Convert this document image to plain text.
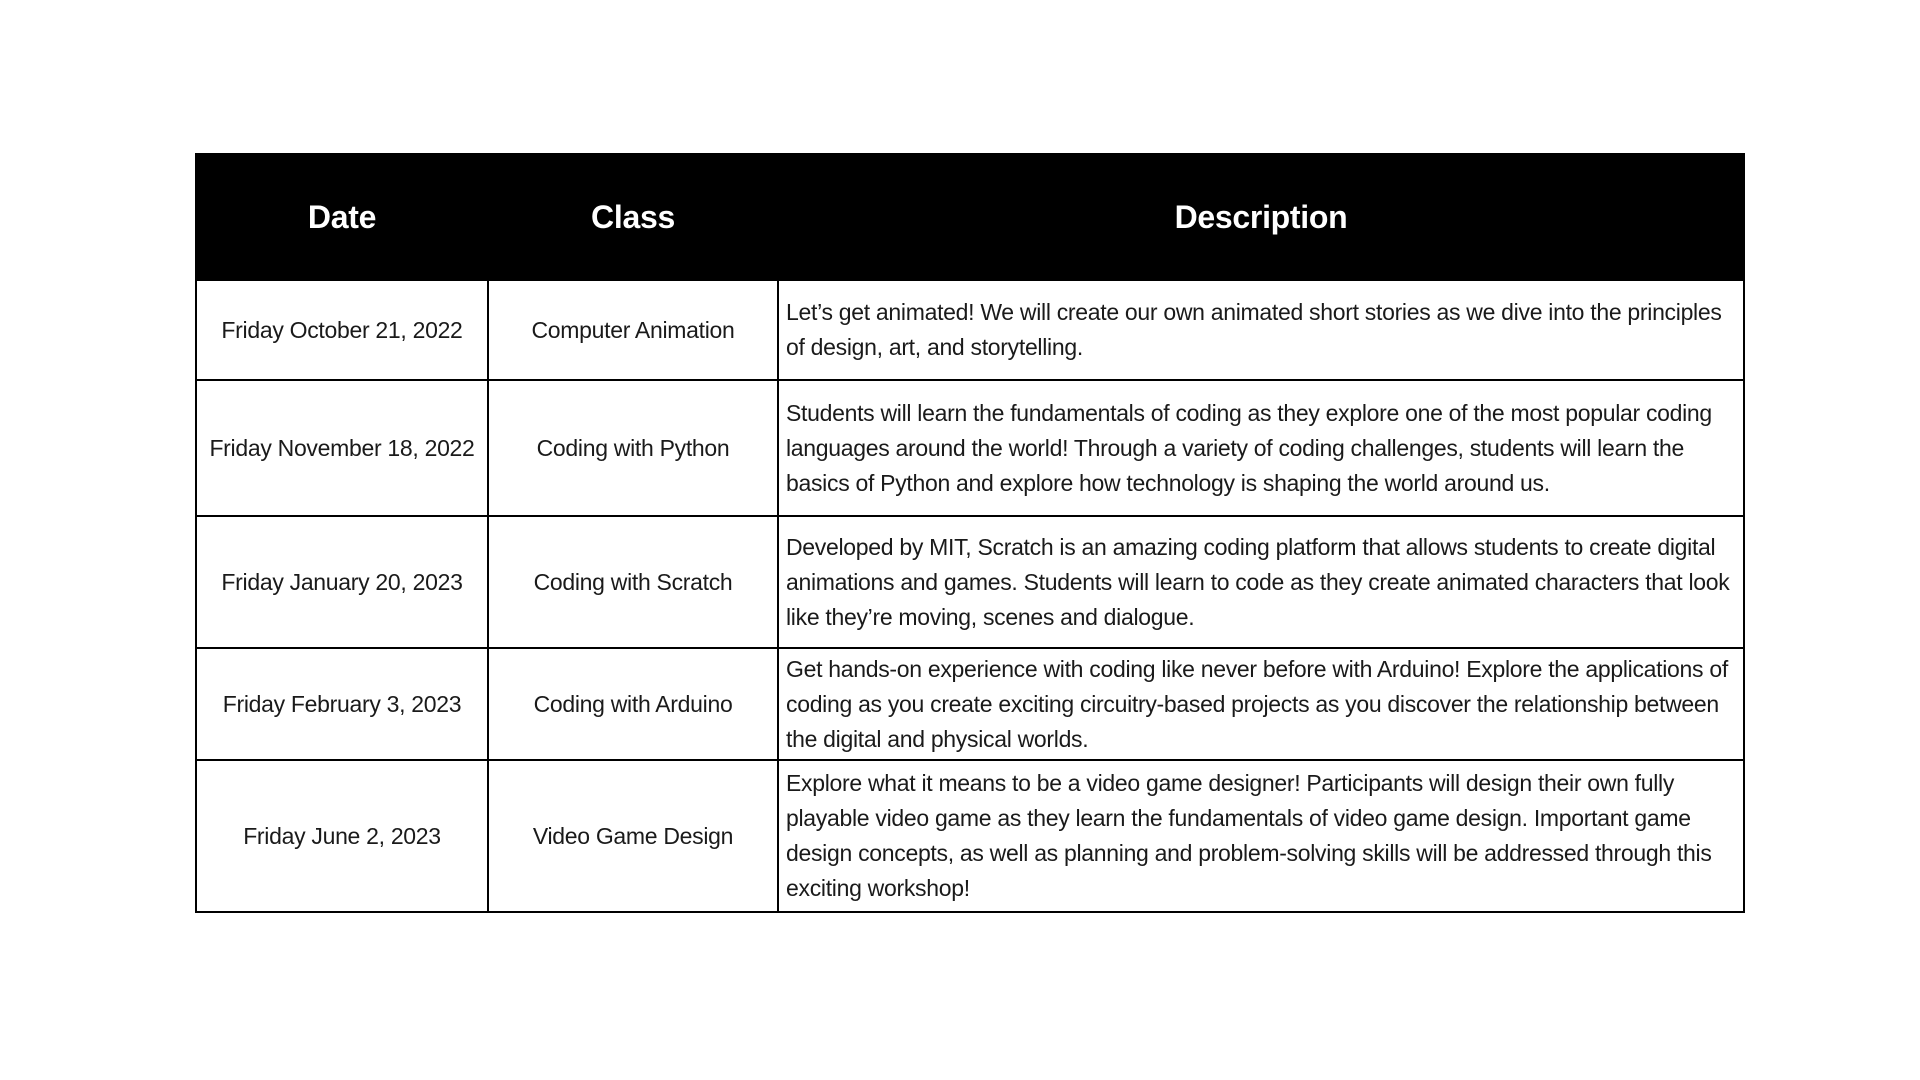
Date	Class	Description
Friday October 21, 2022	Computer Animation	Let’s get animated! We will create our own animated short stories as we dive into the principles of design, art, and storytelling.
Friday November 18, 2022	Coding with Python	Students will learn the fundamentals of coding as they explore one of the most popular coding languages around the world! Through a variety of coding challenges, students will learn the basics of Python and explore how technology is shaping the world around us.
Friday January 20, 2023	Coding with Scratch	Developed by MIT, Scratch is an amazing coding platform that allows students to create digital animations and games. Students will learn to code as they create animated characters that look like they’re moving, scenes and dialogue.
Friday February 3, 2023	Coding with Arduino	Get hands-on experience with coding like never before with Arduino! Explore the applications of coding as you create exciting circuitry-based projects as you discover the relationship between the digital and physical worlds.
Friday June 2, 2023	Video Game Design	Explore what it means to be a video game designer! Participants will design their own fully playable video game as they learn the fundamentals of video game design. Important game design concepts, as well as planning and problem-solving skills will be addressed through this exciting workshop!
